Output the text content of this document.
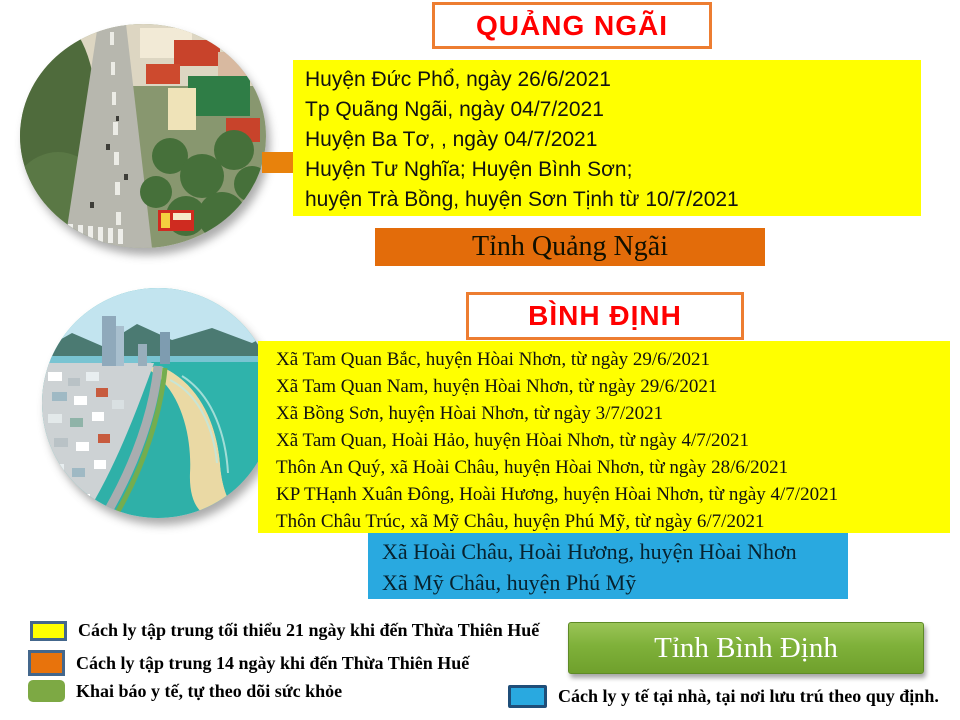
QUẢNG NGÃI
Huyện Đức Phổ, ngày 26/6/2021
Tp Quãng Ngãi, ngày 04/7/2021
Huyện Ba Tơ, , ngày 04/7/2021
Huyện Tư Nghĩa; Huyện Bình Sơn;
huyện Trà Bồng, huyện Sơn Tịnh từ 10/7/2021
Tỉnh Quảng Ngãi
BÌNH ĐỊNH
Xã Tam Quan Bắc, huyện Hòai Nhơn, từ ngày 29/6/2021
Xã Tam Quan Nam, huyện Hòai Nhơn, từ ngày 29/6/2021
Xã Bồng Sơn, huyện Hòai Nhơn, từ ngày 3/7/2021
Xã Tam Quan, Hoài Hảo, huyện Hòai Nhơn, từ ngày 4/7/2021
Thôn An Quý, xã Hoài Châu, huyện Hòai Nhơn, từ ngày 28/6/2021
KP THạnh Xuân Đông, Hoài Hương, huyện Hòai Nhơn, từ ngày 4/7/2021
Thôn Châu Trúc, xã Mỹ Châu, huyện Phú Mỹ, từ ngày 6/7/2021
Xã Hoài Châu, Hoài Hương, huyện Hòai Nhơn
Xã Mỹ Châu, huyện Phú Mỹ
Tỉnh Bình Định
Cách ly tập trung tối thiểu 21 ngày khi đến Thừa Thiên Huế
Cách ly tập trung 14 ngày khi đến Thừa Thiên Huế
Khai báo y tế, tự theo dõi sức khỏe	Cách ly y tế tại nhà, tại nơi lưu trú theo quy định.
